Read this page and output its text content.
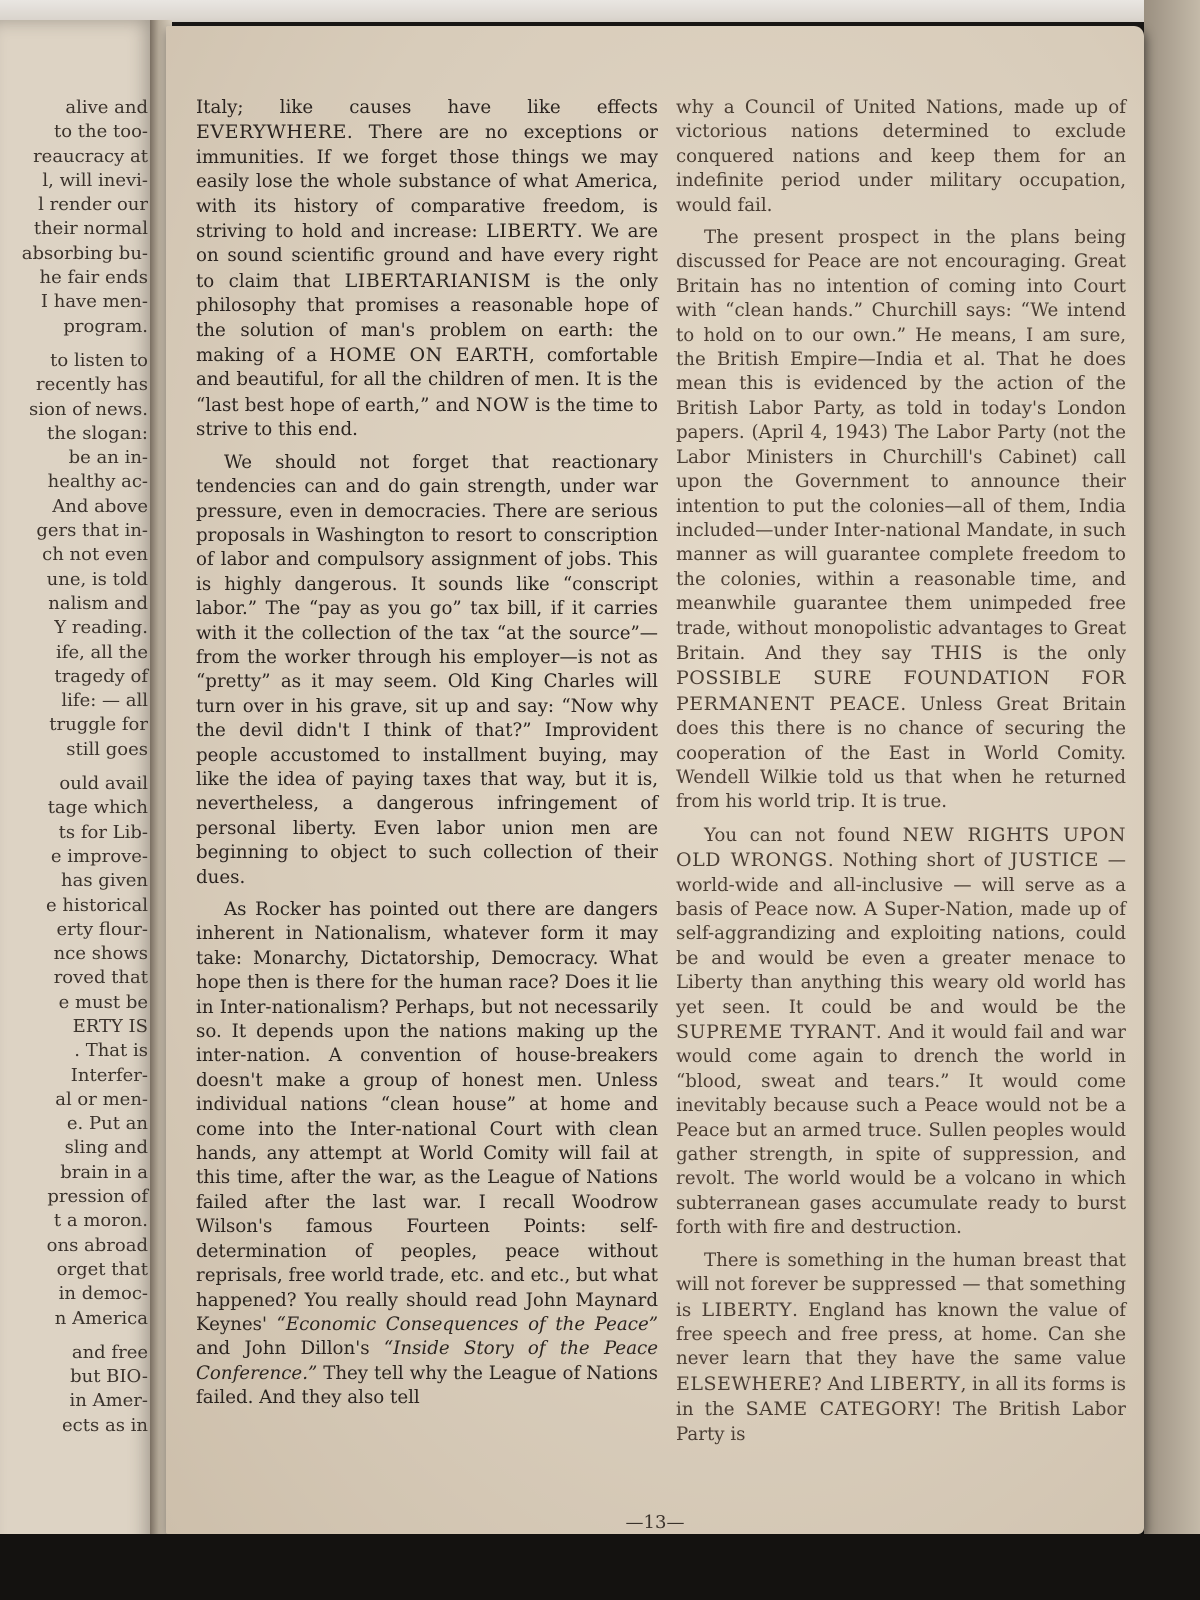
alive and
to the too-
reaucracy at
l, will inevi-
l render our
their normal
absorbing bu-
he fair ends
I have men-
program.
to listen to
recently has
sion of news.
the slogan:
be an in-
healthy ac-
And above
gers that in-
ch not even
une, is told
nalism and
Y reading.
ife, all the
tragedy of
life: — all
truggle for
still goes
ould avail
tage which
ts for Lib-
e improve-
has given
e historical
erty flour-
nce shows
roved that
e must be
ERTY IS
. That is
Interfer-
al or men-
e. Put an
sling and
brain in a
pression of
t a moron.
ons abroad
orget that
in democ-
n America
and free
but BIO-
in Amer-
ects as in

Italy; like causes have like effects EVERYWHERE. There are no exceptions or immunities. If we forget those things we may easily lose the whole substance of what America, with its history of comparative freedom, is striving to hold and increase: LIBERTY. We are on sound scientific ground and have every right to claim that LIBERTARIANISM is the only philosophy that promises a reasonable hope of the solution of man's problem on earth: the making of a HOME ON EARTH, comfortable and beautiful, for all the children of men. It is the “last best hope of earth,” and NOW is the time to strive to this end.

We should not forget that reactionary tendencies can and do gain strength, under war pressure, even in democracies. There are serious proposals in Washington to resort to conscription of labor and compulsory assignment of jobs. This is highly dangerous. It sounds like “conscript labor.” The “pay as you go” tax bill, if it carries with it the collection of the tax “at the source”—from the worker through his employer—is not as “pretty” as it may seem. Old King Charles will turn over in his grave, sit up and say: “Now why the devil didn't I think of that?” Improvident people accustomed to installment buying, may like the idea of paying taxes that way, but it is, nevertheless, a dangerous infringement of personal liberty. Even labor union men are beginning to object to such collection of their dues.

As Rocker has pointed out there are dangers inherent in Nationalism, whatever form it may take: Monarchy, Dictatorship, Democracy. What hope then is there for the human race? Does it lie in Inter-nationalism? Perhaps, but not necessarily so. It depends upon the nations making up the inter-nation. A convention of house-breakers doesn't make a group of honest men. Unless individual nations “clean house” at home and come into the Inter-national Court with clean hands, any attempt at World Comity will fail at this time, after the war, as the League of Nations failed after the last war. I recall Woodrow Wilson's famous Fourteen Points: self-determination of peoples, peace without reprisals, free world trade, etc. and etc., but what happened? You really should read John Maynard Keynes' “Economic Consequences of the Peace” and John Dillon's “Inside Story of the Peace Conference.” They tell why the League of Nations failed. And they also tell

why a Council of United Nations, made up of victorious nations determined to exclude conquered nations and keep them for an indefinite period under military occupation, would fail.

The present prospect in the plans being discussed for Peace are not encouraging. Great Britain has no intention of coming into Court with “clean hands.” Churchill says: “We intend to hold on to our own.” He means, I am sure, the British Empire—India et al. That he does mean this is evidenced by the action of the British Labor Party, as told in today's London papers. (April 4, 1943) The Labor Party (not the Labor Ministers in Churchill's Cabinet) call upon the Government to announce their intention to put the colonies—all of them, India included—under Inter-national Mandate, in such manner as will guarantee complete freedom to the colonies, within a reasonable time, and meanwhile guarantee them unimpeded free trade, without monopolistic advantages to Great Britain. And they say THIS is the only POSSIBLE SURE FOUNDATION FOR PERMANENT PEACE. Unless Great Britain does this there is no chance of securing the cooperation of the East in World Comity. Wendell Wilkie told us that when he returned from his world trip. It is true.

You can not found NEW RIGHTS UPON OLD WRONGS. Nothing short of JUSTICE — world-wide and all-inclusive — will serve as a basis of Peace now. A Super-Nation, made up of self-aggrandizing and exploiting nations, could be and would be even a greater menace to Liberty than anything this weary old world has yet seen. It could be and would be the SUPREME TYRANT. And it would fail and war would come again to drench the world in “blood, sweat and tears.” It would come inevitably because such a Peace would not be a Peace but an armed truce. Sullen peoples would gather strength, in spite of suppression, and revolt. The world would be a volcano in which subterranean gases accumulate ready to burst forth with fire and destruction.

There is something in the human breast that will not forever be suppressed — that something is LIBERTY. England has known the value of free speech and free press, at home. Can she never learn that they have the same value ELSEWHERE? And LIBERTY, in all its forms is in the SAME CATEGORY! The British Labor Party is

—13—
